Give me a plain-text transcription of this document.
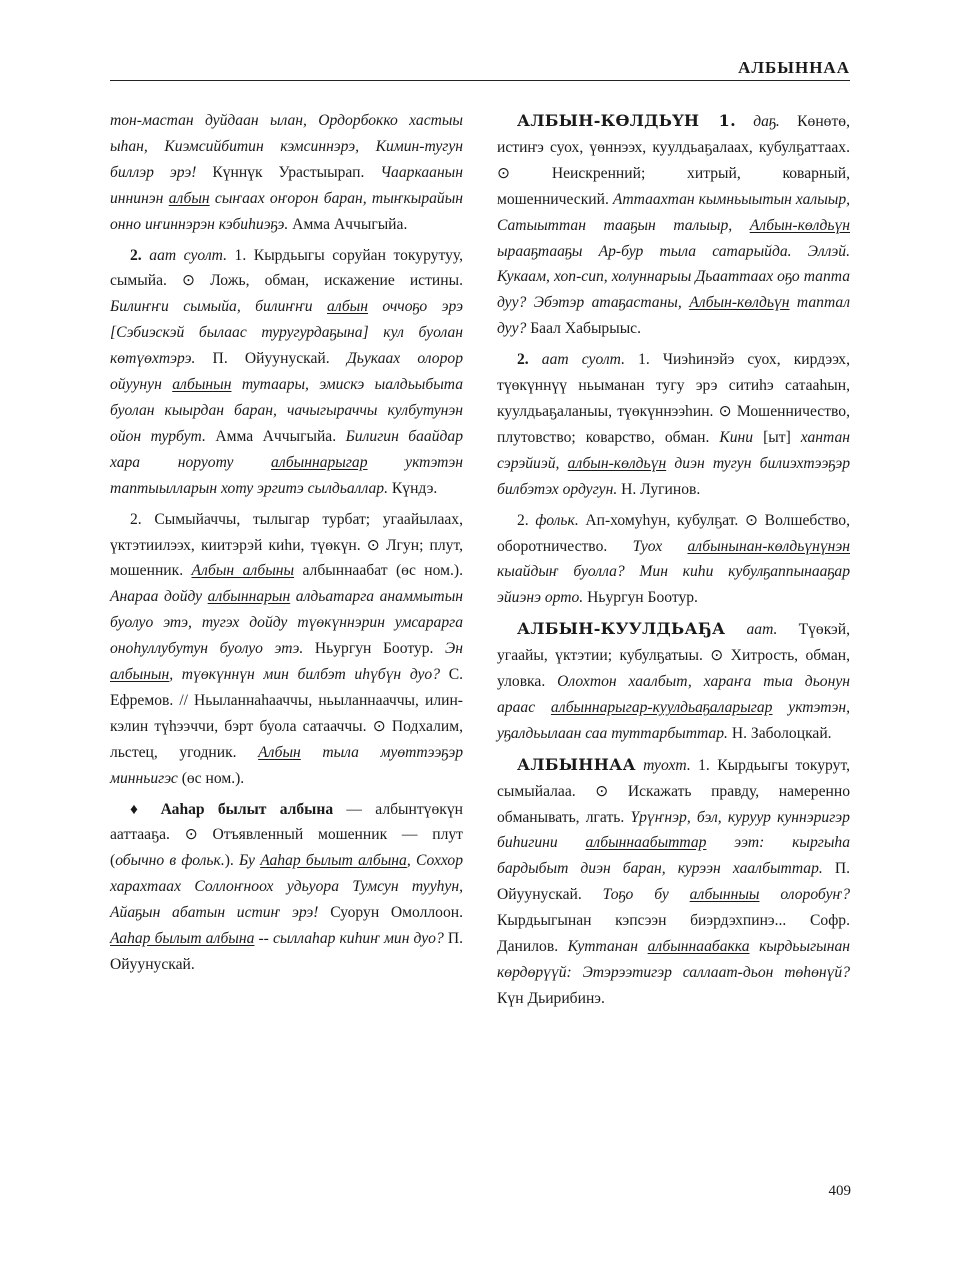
АЛБЫННАА

тон-мастан дуйдаан ылан, Ордорбокко хастыы ыһан, Киэмсийбитин кэмсиннэрэ, Кимин-тугун биллэр эрэ! Күннүк Урастыырап. Чааркаанын иннинэн албын сыҥаах оҥорон баран, тыҥкырайын онно иҥиннэрэн кэбиһиэҕэ. Амма Аччыгыйа.

2. аат суолт. 1. Кырдьыгы соруйан токурутуу, сымыйа. ⊙ Ложь, обман, искажение истины. Билиҥҥи сымыйа, билиҥҥи албын оччоҕо эрэ [Сэбиэскэй былаас туругурдаҕына] кул буолан көтүөхтэрэ. П. Ойуунускай. Дьукаах олорор ойуунун албынын тутаары, эмискэ ыалдьыбыта буолан кыырдан баран, чачыгыраччы кулбутунэн ойон турбут. Амма Аччыгыйа. Билигин баайдар хара норуоту албыннарыгар уктэтэн таптыылларын хоту эргитэ сылдьаллар. Күндэ.

2. Сымыйаччы, тылыгар турбат; угаайылаах, үктэтиилээх, киитэрэй киһи, түөкүн. ⊙ Лгун; плут, мошенник. Албын албыны албыннаабат (өс ном.). Анараа дойду албыннарын алдьатарга анаммытын буолуо этэ, тугэх дойду түөкүннэрин умсарарга оноһуллубутун буолуо этэ. Ньургун Боотур. Эн албынын, түөкүннүн мин билбэт иһүбүн дуо? С. Ефремов. // Ньыланнаһааччы, ньыланнааччы, илин-кэлин түһээччи, бэрт буола сатааччы. ⊙ Подхалим, льстец, угодник. Албын тыла муөттээҕэр минньигэс (өс ном.).

♦ Ааһар былыт албына — албынтүөкүн ааттааҕа. ⊙ Отъявленный мошенник — плут (обычно в фольк.). Бу Ааһар былыт албына, Соххор харахтаах Соллоҥноох удьуора Тумсун тууһун, Айаҕын абатын истиҥ эрэ! Суорун Омоллоон. Ааһар былыт албына -- сыллаһар киһиҥ мин дуо? П. Ойуунускай.

АЛБЫН-КӨЛДЬҮН 1. даҕ. Көнөтө, истиҥэ суох, үөннээх, куулдьаҕалаах, кубулҕаттаах. ⊙ Неискренний; хитрый, коварный, мошеннический. Аттаахтан кымньыытын халыыр, Сатыыттан тааҕын талыыр, Албын-көлдьүн ырааҕтааҕы Ар-бур тыла сатарыйда. Эллэй. Кукаам, хоп-сип, холуннарыы Дьааттаах оҕо тапта дуу? Эбэтэр атаҕастаны, Албын-көлдьүн таптал дуу? Баал Хабырыыс.

2. аат суолт. 1. Чиэһинэйэ суох, кирдээх, түөкүннүү ньыманан тугу эрэ ситиһэ сатааһын, куулдьаҕаланыы, түөкүннээһин. ⊙ Мошенничество, плутовство; коварство, обман. Кини [ыт] хантан сэрэйиэй, албын-көлдьүн диэн тугун билиэхтээҕэр билбэтэх ордугун. Н. Лугинов.

2. фольк. Ап-хомуһун, кубулҕат. ⊙ Волшебство, оборотничество. Туох албынынан-көлдьүнүнэн кыайдыҥ буолла? Мин киһи кубулҕаппынааҕар эйиэнэ орто. Ньургун Боотур.

АЛБЫН-КУУЛДЬАҔА аат. Түөкэй, угаайы, үктэтии; кубулҕатыы. ⊙ Хитрость, обман, уловка. Олохтон хаалбыт, хараҥа тыа дьонун араас албыннарыгар-куулдьаҕаларыгар уктэтэн, уҕалдьылаан саа туттарбыттар. Н. Заболоцкай.

АЛБЫННАА туохт. 1. Кырдьыгы токурут, сымыйалаа. ⊙ Искажать правду, намеренно обманывать, лгать. Үрүҥнэр, бэл, куруур куннэригэр биһигини албыннаабыттар ээт: кыргыһа бардыбыт диэн баран, курээн хаалбыттар. П. Ойуунускай. Тоҕо бу албынныы олоробуҥ? Кырдьыгынан кэпсээн биэрдэхпинэ... Софр. Данилов. Куттанан албыннаабакка кырдьыгынан көрдөрүүй: Этэрээтигэр саллаат-дьон төһөнүй? Күн Дьирибинэ.

409
